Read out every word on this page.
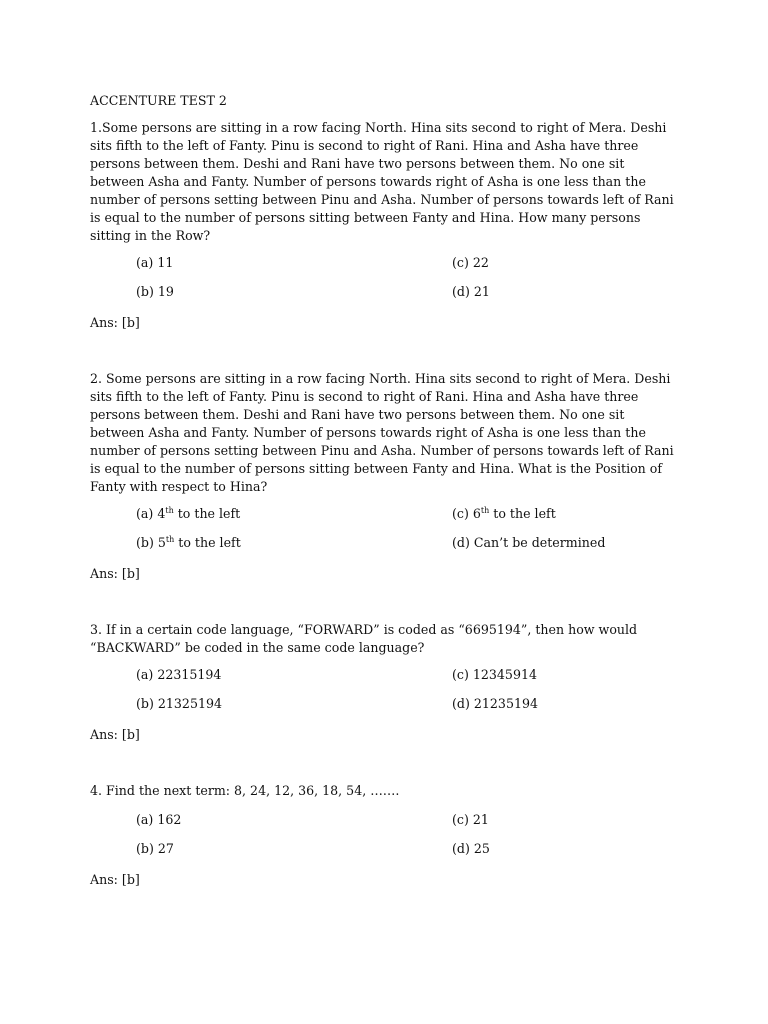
ACCENTURE TEST 2

1.Some persons are sitting in a row facing North. Hina sits second to right of Mera. Deshi sits fifth to the left of Fanty. Pinu is second to right of Rani. Hina and Asha have three persons between them. Deshi and Rani have two persons between them. No one sit between Asha and Fanty. Number of persons towards right of Asha is one less than the number of persons setting between Pinu and Asha. Number of persons towards left of Rani is equal to the number of persons sitting between Fanty and Hina. How many persons sitting in the Row?

(a) 11	(c) 22
(b) 19	(d) 21

Ans: [b]

2. Some persons are sitting in a row facing North. Hina sits second to right of Mera. Deshi sits fifth to the left of Fanty. Pinu is second to right of Rani. Hina and Asha have three persons between them. Deshi and Rani have two persons between them. No one sit between Asha and Fanty. Number of persons towards right of Asha is one less than the number of persons setting between Pinu and Asha. Number of persons towards left of Rani is equal to the number of persons sitting between Fanty and Hina. What is the Position of Fanty with respect to Hina?

(a) 4th to the left	(c) 6th to the left
(b) 5th to the left	(d) Can’t be determined

Ans: [b]

3. If in a certain code language, “FORWARD” is coded as “6695194”, then how would “BACKWARD” be coded in the same code language?

(a) 22315194	(c) 12345914
(b) 21325194	(d) 21235194

Ans: [b]

4. Find the next term: 8, 24, 12, 36, 18, 54, …….

(a) 162	(c) 21
(b) 27	(d) 25

Ans: [b]
